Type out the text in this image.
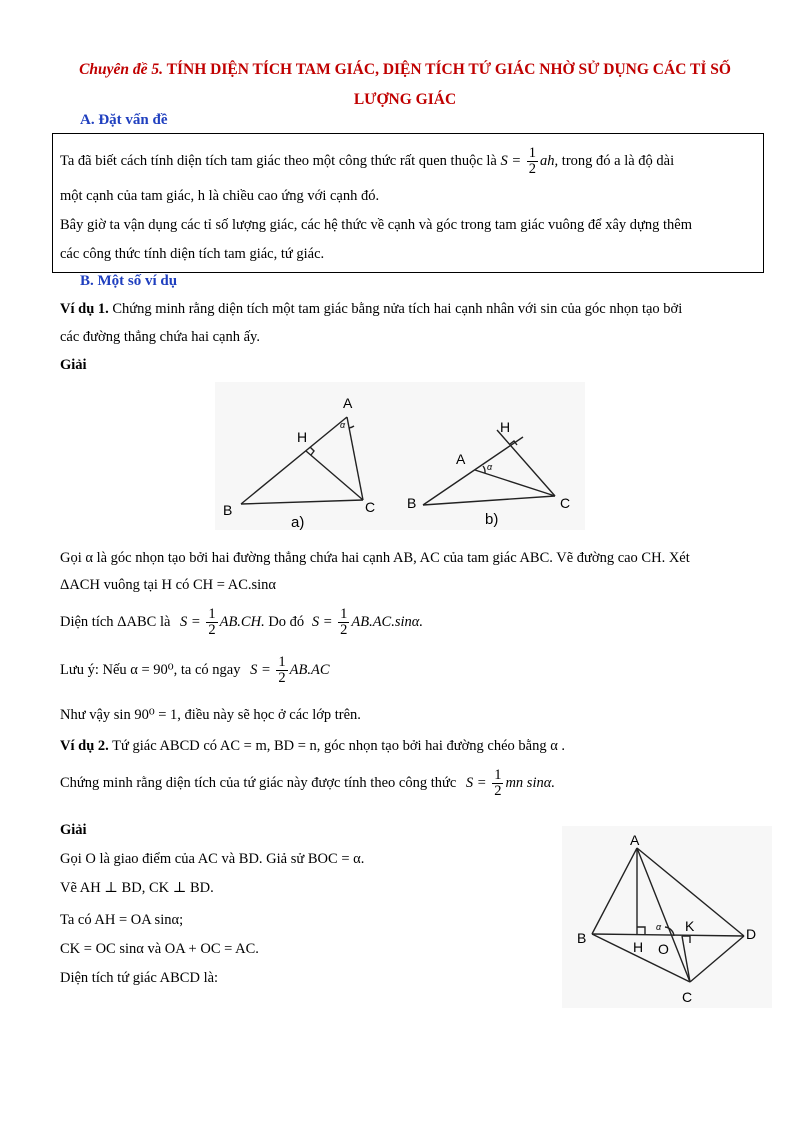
Chuyên đề 5. TÍNH DIỆN TÍCH TAM GIÁC, DIỆN TÍCH TỨ GIÁC NHỜ SỬ DỤNG CÁC TỈ SỐ LƯỢNG GIÁC
A. Đặt vấn đề
Ta đã biết cách tính diện tích tam giác theo một công thức rất quen thuộc là $S = \frac{1}{2}$ ah, trong đó a là độ dài
một cạnh của tam giác, h là chiều cao ứng với cạnh đó.
Bây giờ ta vận dụng các tỉ số lượng giác, các hệ thức về cạnh và góc trong tam giác vuông để xây dựng thêm
các công thức tính diện tích tam giác, tứ giác.
B. Một số ví dụ
Ví dụ 1. Chứng minh rằng diện tích một tam giác bằng nửa tích hai cạnh nhân với sin của góc nhọn tạo bởi
các đường thẳng chứa hai cạnh ấy.
Giải
A
H
B	C
α
a)
H
A α
B	C
b)
Gọi α là góc nhọn tạo bởi hai đường thẳng chứa hai cạnh AB, AC của tam giác ABC. Vẽ đường cao CH. Xét
ΔACH vuông tại H có CH = AC.sinα
Diện tích ΔABC là $S = \frac{1}{2} AB.CH$. Do đó $S = \frac{1}{2} AB.AC.\sin\alpha$.
Lưu ý: Nếu α = 90⁰, ta có ngay $S = \frac{1}{2} AB.AC$
Như vậy sin 90⁰ = 1, điều này sẽ học ở các lớp trên.
Ví dụ 2. Tứ giác ABCD có AC = m, BD = n, góc nhọn tạo bởi hai đường chéo bằng α .
Chứng minh rằng diện tích của tứ giác này được tính theo công thức $S = \frac{1}{2}$ mn sinα.
Giải
Gọi O là giao điểm của AC và BD. Giả sử BOC = α.
Vẽ AH ⊥ BD, CK ⊥ BD.
Ta có AH = OA sinα;
CK = OC sinα và OA + OC = AC.
Diện tích tứ giác ABCD là:
A
B
C
D
H O
K
α
